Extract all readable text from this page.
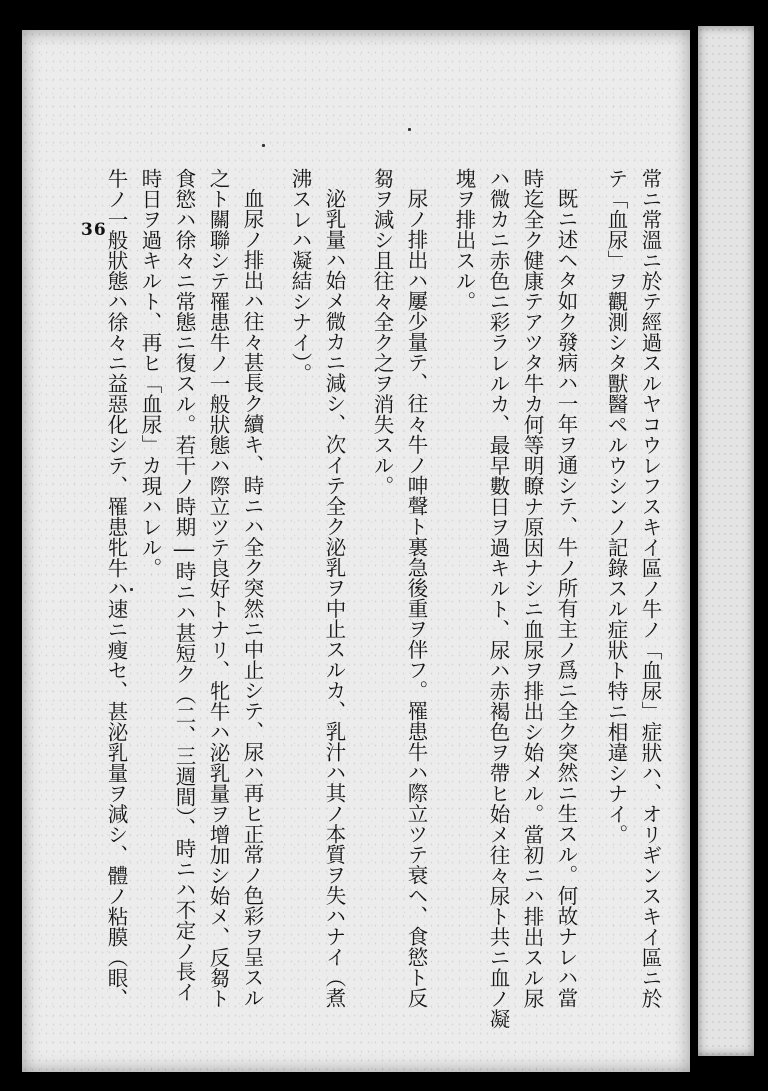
36	常ニ常溫ニ於テ經過スルヤコウレフスキイ區ノ牛ノ「血尿」症狀ハ、オリギンスキイ區ニ於
テ「血尿」ヲ觀測シタ獸醫ペルウシンノ記錄スル症狀ト特ニ相違シナイ。
既ニ述ヘタ如ク發病ハ一年ヲ通シテ、牛ノ所有主ノ爲ニ全ク突然ニ生スル。何故ナレハ當
時迄全ク健康テアツタ牛カ何等明瞭ナ原因ナシニ血尿ヲ排出シ始メル。當初ニハ排出スル尿
ハ微カニ赤色ニ彩ラレルカ、最早數日ヲ過キルト、尿ハ赤褐色ヲ帶ヒ始メ往々尿ト共ニ血ノ凝
塊ヲ排出スル。
尿ノ排出ハ屢少量テ、往々牛ノ呻聲ト裏急後重ヲ伴フ。罹患牛ハ際立ツテ衰ヘ、食慾ト反
芻ヲ減シ且往々全ク之ヲ消失スル。
泌乳量ハ始メ微カニ減シ、次イテ全ク泌乳ヲ中止スルカ、乳汁ハ其ノ本質ヲ失ハナイ（煮
沸スレハ凝結シナイ）。
血尿ノ排出ハ往々甚長ク續キ、時ニハ全ク突然ニ中止シテ、尿ハ再ヒ正常ノ色彩ヲ呈スル
之ト關聯シテ罹患牛ノ一般狀態ハ際立ツテ良好トナリ、牝牛ハ泌乳量ヲ增加シ始メ、反芻ト
食慾ハ徐々ニ常態ニ復スル。若干ノ時期―時ニハ甚短ク（二、三週間）、時ニハ不定ノ長イ
時日ヲ過キルト、再ヒ「血尿」カ現ハレル。
牛ノ一般狀態ハ徐々ニ益惡化シテ、罹患牝牛ハ速ニ瘦セ、甚泌乳量ヲ減シ、體ノ粘膜（眼、
